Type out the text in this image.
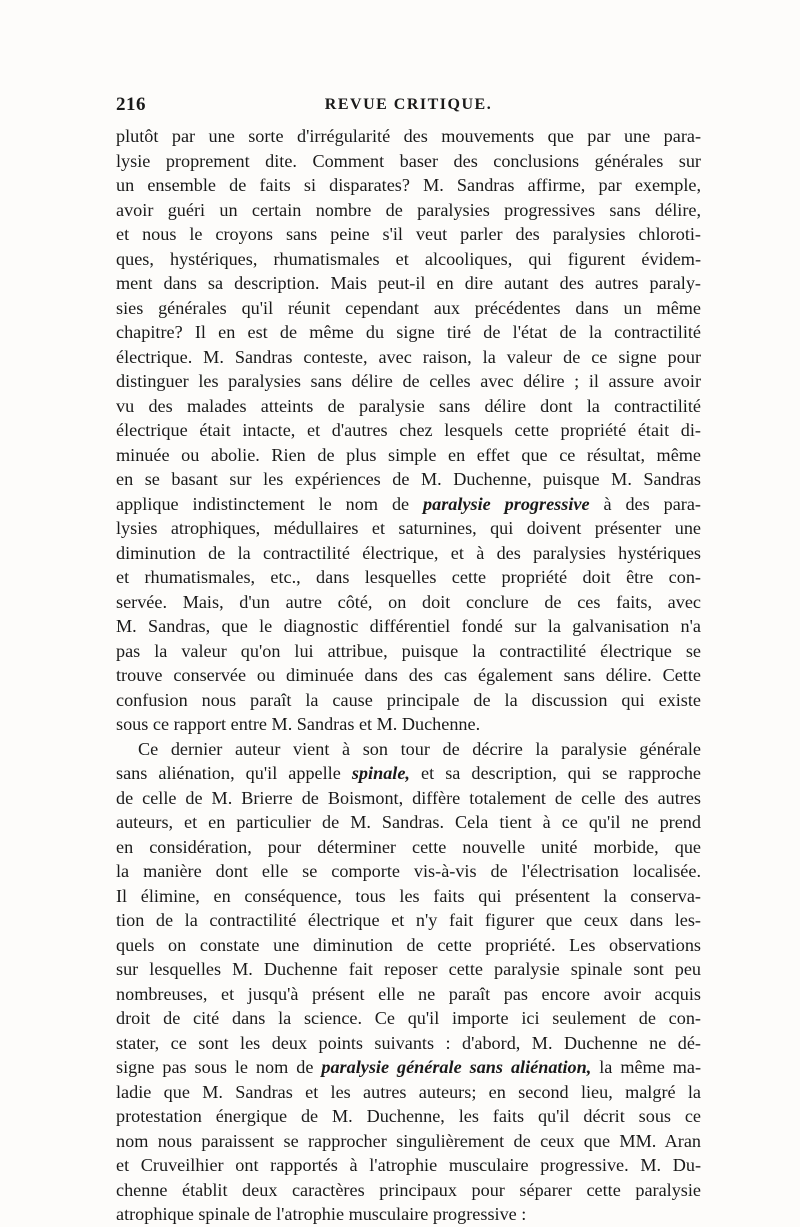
216	REVUE CRITIQUE.
plutôt par une sorte d'irrégularité des mouvements que par une para-
lysie proprement dite. Comment baser des conclusions générales sur
un ensemble de faits si disparates? M. Sandras affirme, par exemple,
avoir guéri un certain nombre de paralysies progressives sans délire,
et nous le croyons sans peine s'il veut parler des paralysies chloroti-
ques, hystériques, rhumatismales et alcooliques, qui figurent évidem-
ment dans sa description. Mais peut-il en dire autant des autres paraly-
sies générales qu'il réunit cependant aux précédentes dans un même
chapitre? Il en est de même du signe tiré de l'état de la contractilité
électrique. M. Sandras conteste, avec raison, la valeur de ce signe pour
distinguer les paralysies sans délire de celles avec délire ; il assure avoir
vu des malades atteints de paralysie sans délire dont la contractilité
électrique était intacte, et d'autres chez lesquels cette propriété était di-
minuée ou abolie. Rien de plus simple en effet que ce résultat, même
en se basant sur les expériences de M. Duchenne, puisque M. Sandras
applique indistinctement le nom de paralysie progressive à des para-
lysies atrophiques, médullaires et saturnines, qui doivent présenter une
diminution de la contractilité électrique, et à des paralysies hystériques
et rhumatismales, etc., dans lesquelles cette propriété doit être con-
servée. Mais, d'un autre côté, on doit conclure de ces faits, avec
M. Sandras, que le diagnostic différentiel fondé sur la galvanisation n'a
pas la valeur qu'on lui attribue, puisque la contractilité électrique se
trouve conservée ou diminuée dans des cas également sans délire. Cette
confusion nous paraît la cause principale de la discussion qui existe
sous ce rapport entre M. Sandras et M. Duchenne.
Ce dernier auteur vient à son tour de décrire la paralysie générale
sans aliénation, qu'il appelle spinale, et sa description, qui se rapproche
de celle de M. Brierre de Boismont, diffère totalement de celle des autres
auteurs, et en particulier de M. Sandras. Cela tient à ce qu'il ne prend
en considération, pour déterminer cette nouvelle unité morbide, que
la manière dont elle se comporte vis-à-vis de l'électrisation localisée.
Il élimine, en conséquence, tous les faits qui présentent la conserva-
tion de la contractilité électrique et n'y fait figurer que ceux dans les-
quels on constate une diminution de cette propriété. Les observations
sur lesquelles M. Duchenne fait reposer cette paralysie spinale sont peu
nombreuses, et jusqu'à présent elle ne paraît pas encore avoir acquis
droit de cité dans la science. Ce qu'il importe ici seulement de con-
stater, ce sont les deux points suivants : d'abord, M. Duchenne ne dé-
signe pas sous le nom de paralysie générale sans aliénation, la même ma-
ladie que M. Sandras et les autres auteurs; en second lieu, malgré la
protestation énergique de M. Duchenne, les faits qu'il décrit sous ce
nom nous paraissent se rapprocher singulièrement de ceux que MM. Aran
et Cruveilhier ont rapportés à l'atrophie musculaire progressive. M. Du-
chenne établit deux caractères principaux pour séparer cette paralysie
atrophique spinale de l'atrophie musculaire progressive :
